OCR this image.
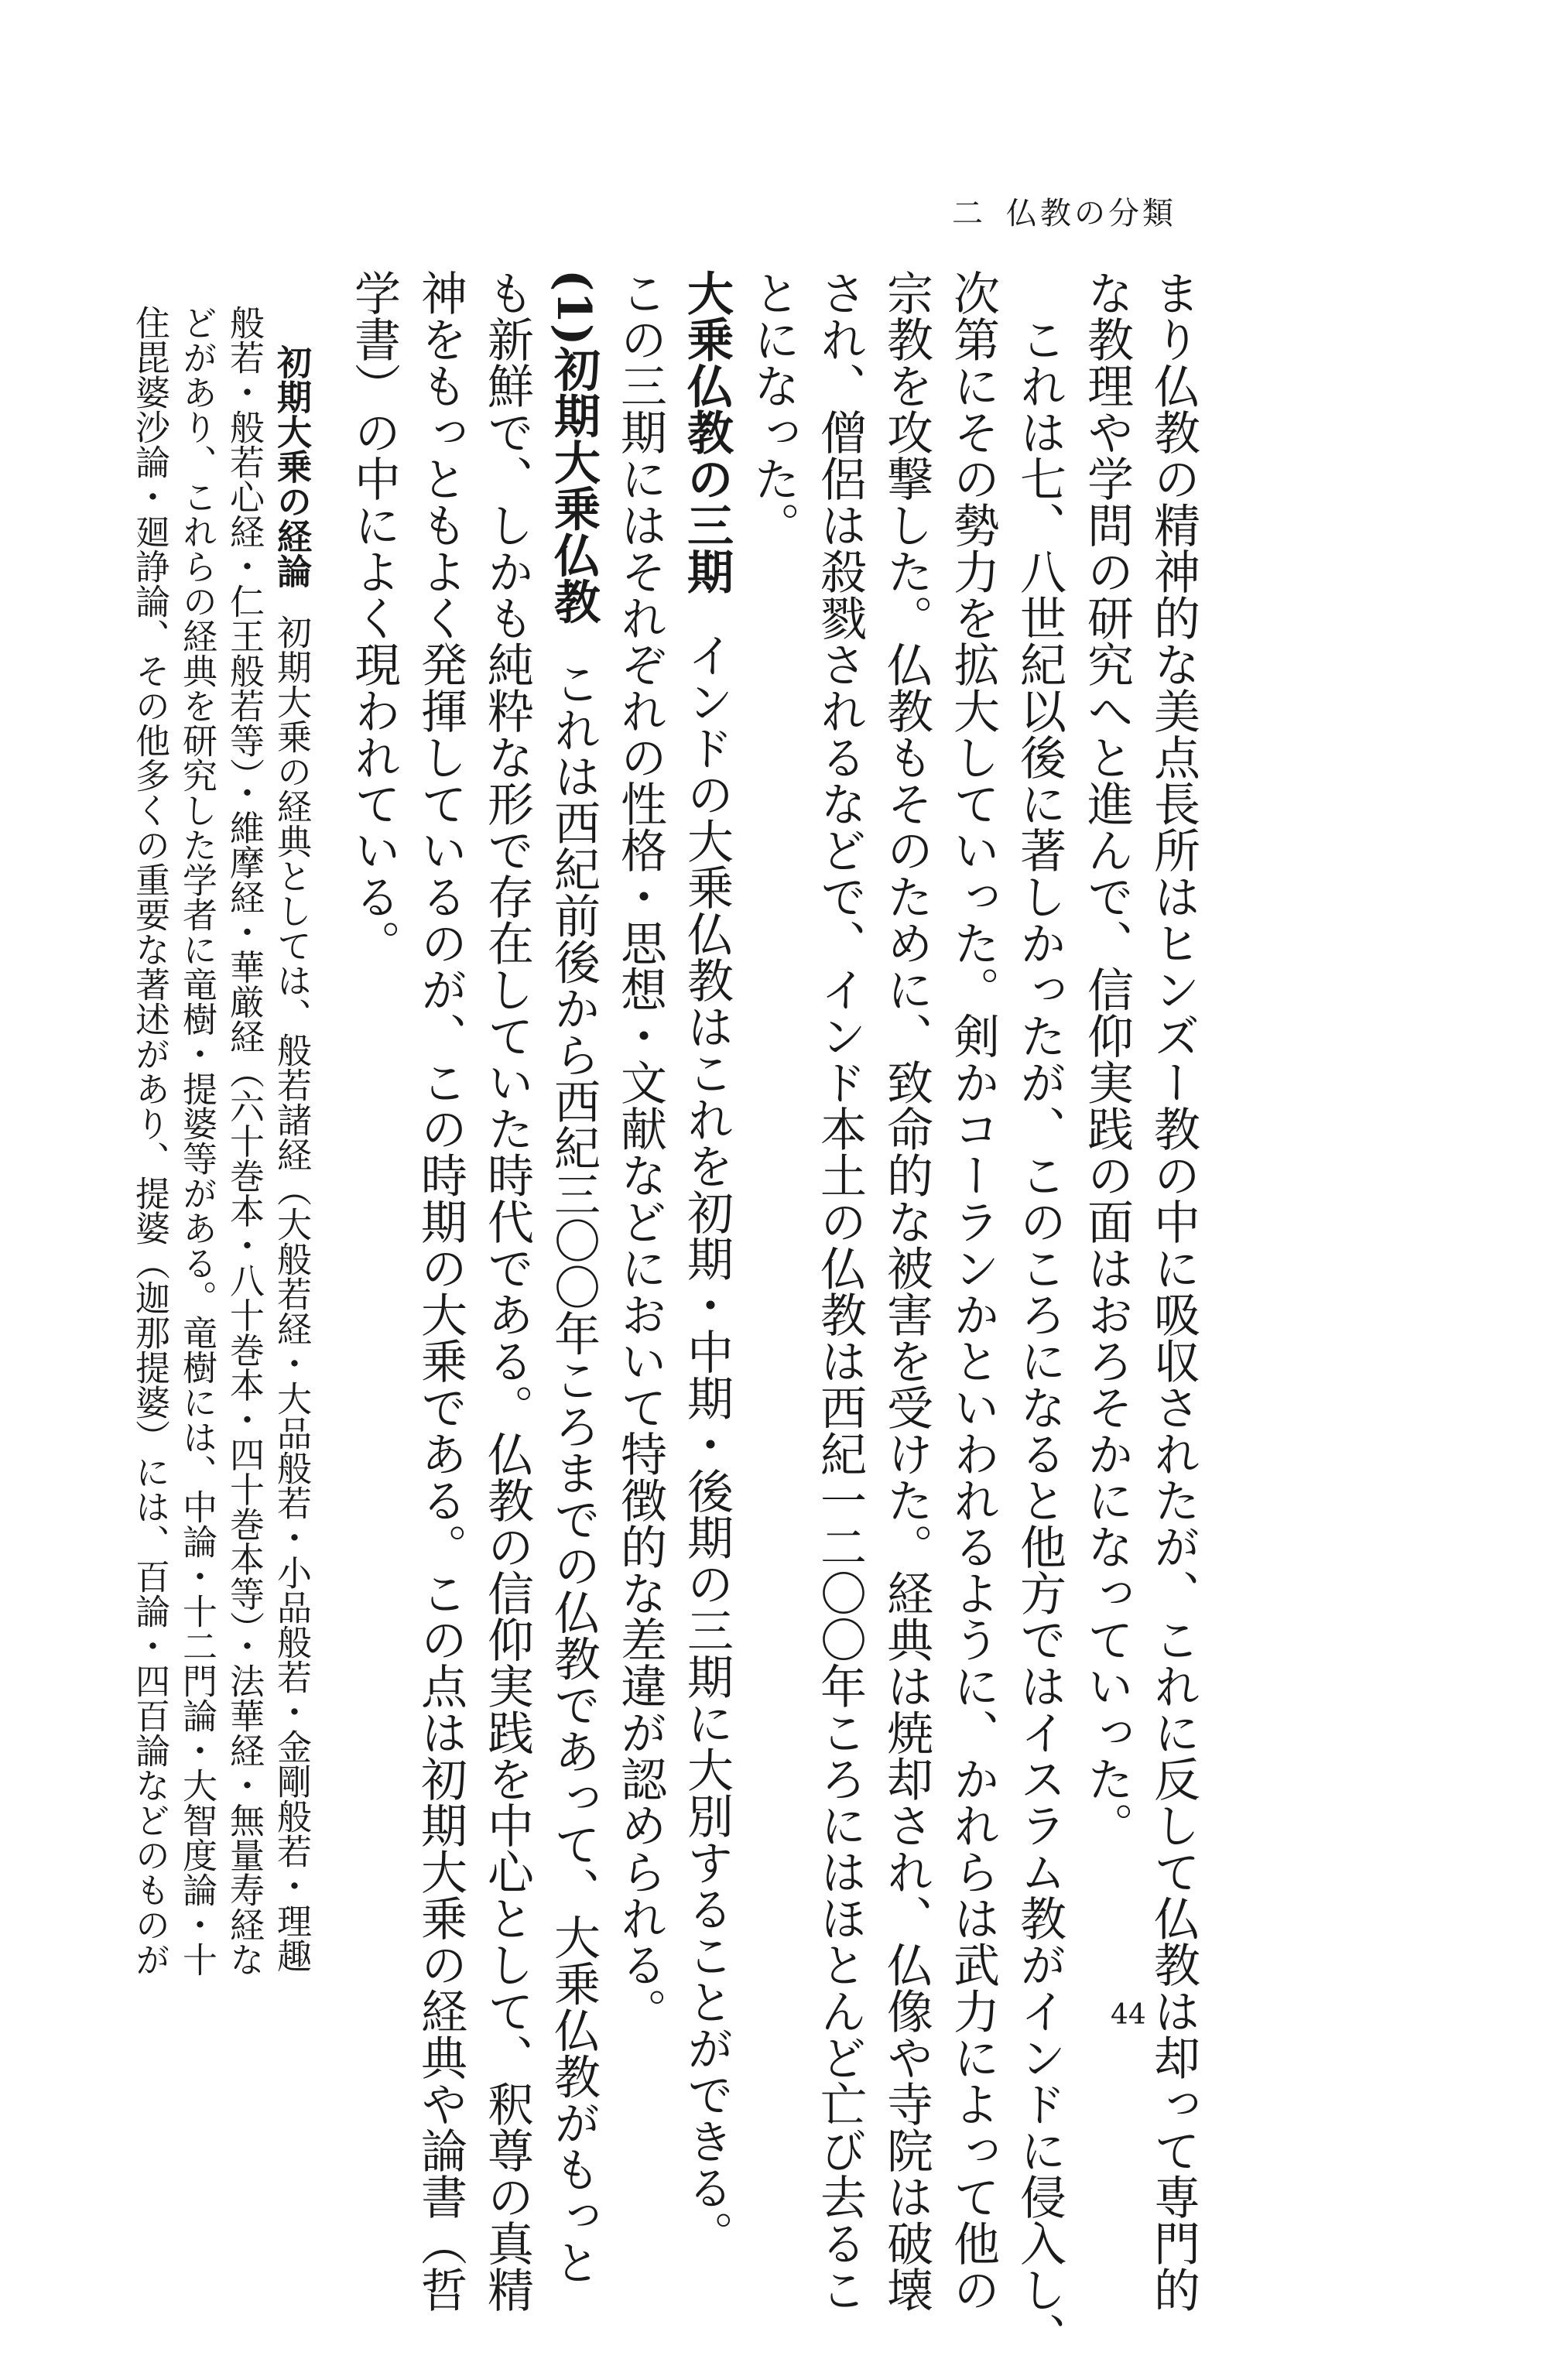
二 仏教の分類
まり仏教の精神的な美点長所はヒンズー教の中に吸収されたが、これに反して仏教は却って専門的
な教理や学問の研究へと進んで、信仰実践の面はおろそかになっていった。
　これは七、八世紀以後に著しかったが、このころになると他方ではイスラム教がインドに侵入し、
次第にその勢力を拡大していった。剣かコーランかといわれるように、かれらは武力によって他の
宗教を攻撃した。仏教もそのために、致命的な被害を受けた。経典は焼却され、仏像や寺院は破壊
され、僧侶は殺戮されるなどで、インド本土の仏教は西紀一二〇〇年ころにはほとんど亡び去るこ
とになった。
大乗仏教の三期インドの大乗仏教はこれを初期・中期・後期の三期に大別することができる。
この三期にはそれぞれの性格・思想・文献などにおいて特徴的な差違が認められる。
(1)初期大乗仏教これは西紀前後から西紀三〇〇年ころまでの仏教であって、大乗仏教がもっと
も新鮮で、しかも純粋な形で存在していた時代である。仏教の信仰実践を中心として、釈尊の真精
神をもっともよく発揮しているのが、この時期の大乗である。この点は初期大乗の経典や論書（哲
学書）の中によく現われている。
初期大乗の経論初期大乗の経典としては、般若諸経（大般若経・大品般若・小品般若・金剛般若・理趣
般若・般若心経・仁王般若等）・維摩経・華厳経（六十巻本・八十巻本・四十巻本等）・法華経・無量寿経な
どがあり、これらの経典を研究した学者に竜樹・提婆等がある。竜樹には、中論・十二門論・大智度論・十
住毘婆沙論・廻諍論、その他多くの重要な著述があり、提婆（迦那提婆）には、百論・四百論などのものが
44
